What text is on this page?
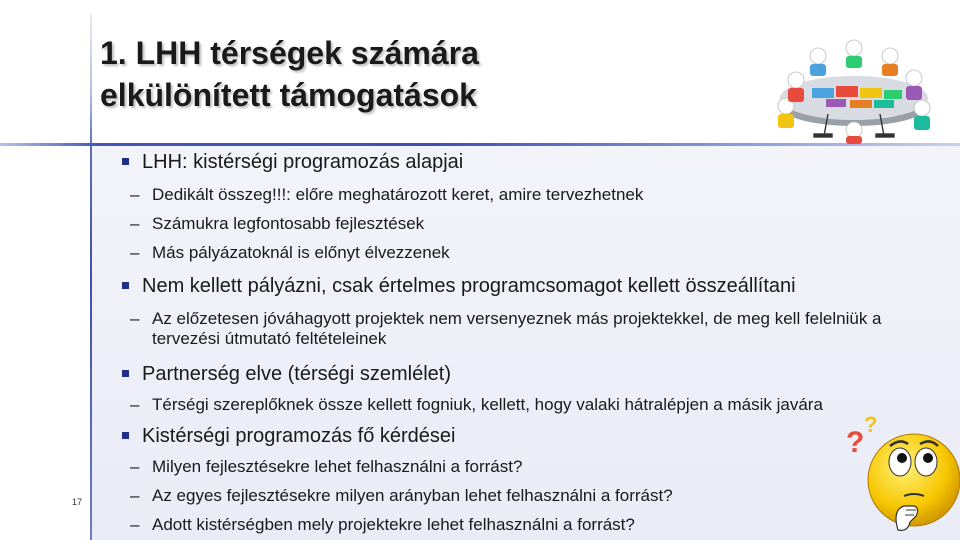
1. LHH térségek számára
elkülönített támogatások
LHH: kistérségi programozás alapjai
– Dedikált összeg!!!: előre meghatározott keret, amire tervezhetnek
– Számukra legfontosabb fejlesztések
– Más pályázatoknál is előnyt élvezzenek
Nem kellett pályázni, csak értelmes programcsomagot kellett összeállítani
– Az előzetesen jóváhagyott projektek nem versenyeznek más projektekkel, de meg kell felelniük a tervezési útmutató feltételeinek
Partnerség elve (térségi szemlélet)
– Térségi szereplőknek össze kellett fogniuk, kellett, hogy valaki hátralépjen a másik javára
Kistérségi programozás fő kérdései
– Milyen fejlesztésekre lehet felhasználni a forrást?
– Az egyes fejlesztésekre milyen arányban lehet felhasználni a forrást?
– Adott kistérségben mely projektekre lehet felhasználni a forrást?
?
?
17
